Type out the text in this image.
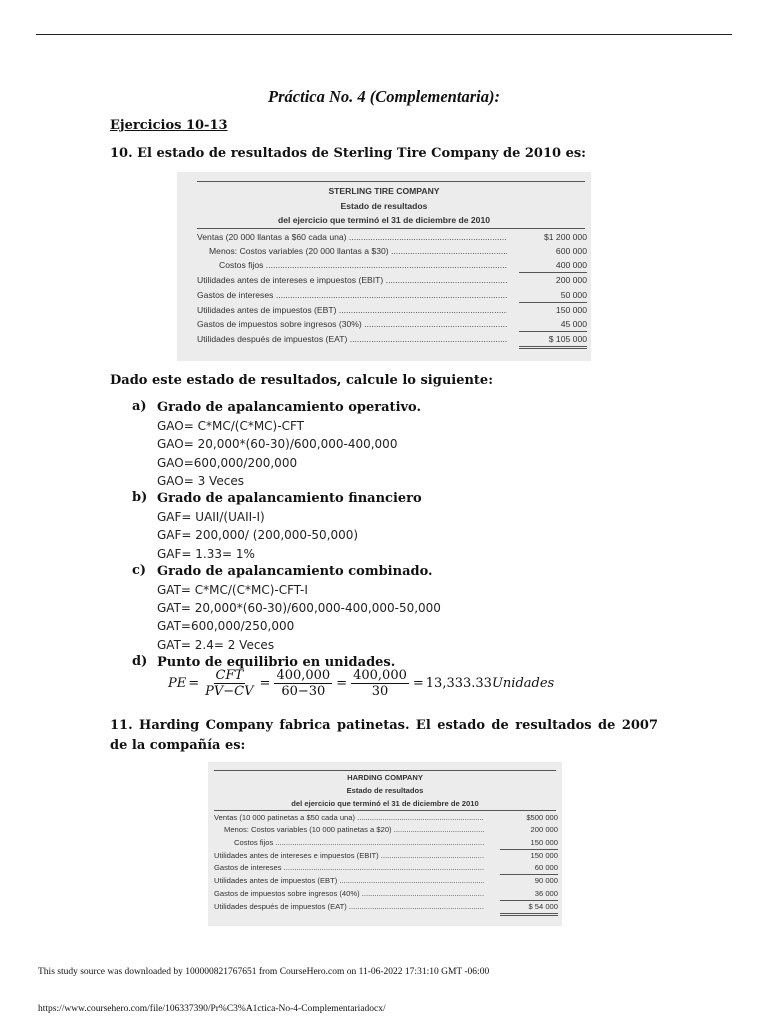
Práctica No. 4 (Complementaria):
Ejercicios 10-13
10. El estado de resultados de Sterling Tire Company de 2010 es:
STERLING TIRE COMPANY
Estado de resultados
del ejercicio que terminó el 31 de diciembre de 2010
Ventas (20 000 llantas a $60 cada una) .....	$1 200 000
Menos: Costos variables (20 000 llantas a $30) .....	600 000
Costos fijos .....	400 000
Utilidades antes de intereses e impuestos (EBIT) .....	200 000
Gastos de intereses .....	50 000
Utilidades antes de impuestos (EBT) .....	150 000
Gastos de impuestos sobre ingresos (30%) .....	45 000
Utilidades después de impuestos (EAT) .....	$ 105 000
Dado este estado de resultados, calcule lo siguiente:
a) Grado de apalancamiento operativo.
GAO= C*MC/(C*MC)-CFT
GAO= 20,000*(60-30)/600,000-400,000
GAO=600,000/200,000
GAO= 3 Veces
b) Grado de apalancamiento financiero
GAF= UAII/(UAII-I)
GAF= 200,000/ (200,000-50,000)
GAF= 1.33= 1%
c) Grado de apalancamiento combinado.
GAT= C*MC/(C*MC)-CFT-I
GAT= 20,000*(60-30)/600,000-400,000-50,000
GAT=600,000/250,000
GAT= 2.4= 2 Veces
d) Punto de equilibrio en unidades.
PE = $\frac{\text{CFT}}{PV-CV} = \frac{400,000}{60-30} = \frac{400,000}{30} = 13,333.33$ Unidades
11. Harding Company fabrica patinetas. El estado de resultados de 2007 de la compañía es:
HARDING COMPANY
Estado de resultados
del ejercicio que terminó el 31 de diciembre de 2010
Ventas (10 000 patinetas a $50 cada una) .....	$500 000
Menos: Costos variables (10 000 patinetas a $20) .....	200 000
Costos fijos .....	150 000
Utilidades antes de intereses e impuestos (EBIT) .....	150 000
Gastos de intereses .....	60 000
Utilidades antes de impuestos (EBT) .....	90 000
Gastos de impuestos sobre ingresos (40%) .....	36 000
Utilidades después de impuestos (EAT) .....	$ 54 000
This study source was downloaded by 100000821767651 from CourseHero.com on 11-06-2022 17:31:10 GMT -06:00
https://www.coursehero.com/file/106337390/Pr%C3%A1ctica-No-4-Complementariadocx/
